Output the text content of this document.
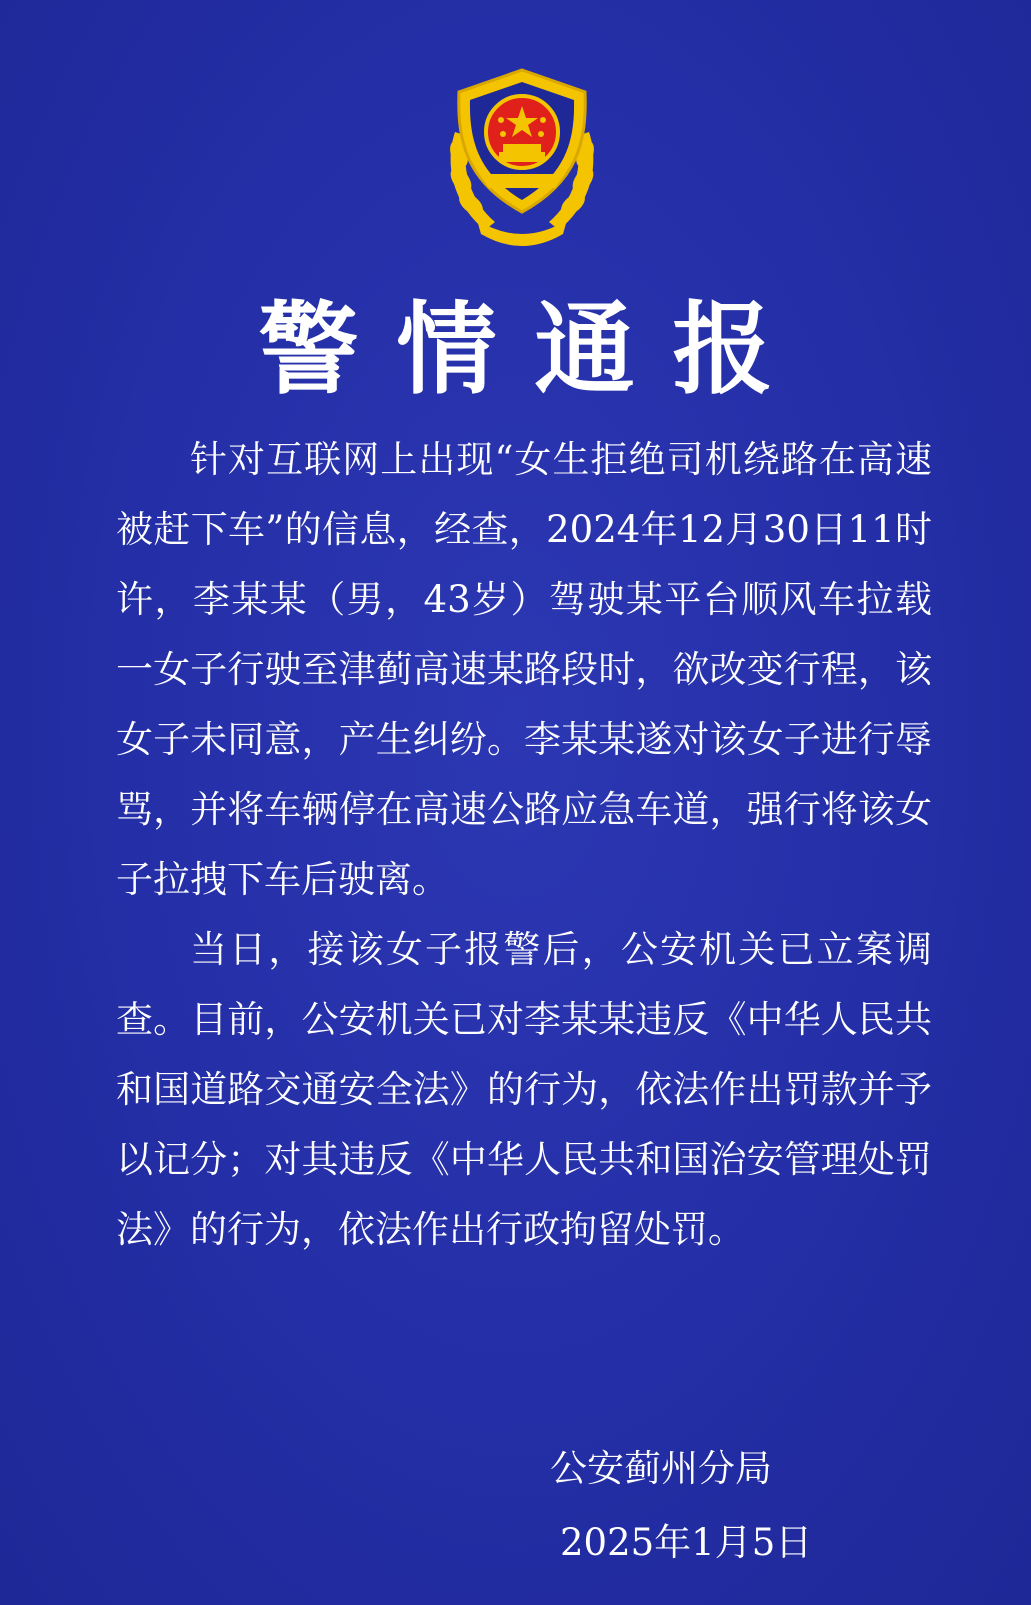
警情通报

针对互联网上出现“女生拒绝司机绕路在高速被赶下车”的信息，经查，2024年12月30日11时许，李某某（男，43岁）驾驶某平台顺风车拉载一女子行驶至津蓟高速某路段时，欲改变行程，该女子未同意，产生纠纷。李某某遂对该女子进行辱骂，并将车辆停在高速公路应急车道，强行将该女子拉拽下车后驶离。

当日，接该女子报警后，公安机关已立案调查。目前，公安机关已对李某某违反《中华人民共和国道路交通安全法》的行为，依法作出罚款并予以记分；对其违反《中华人民共和国治安管理处罚法》的行为，依法作出行政拘留处罚。

公安蓟州分局
2025年1月5日
